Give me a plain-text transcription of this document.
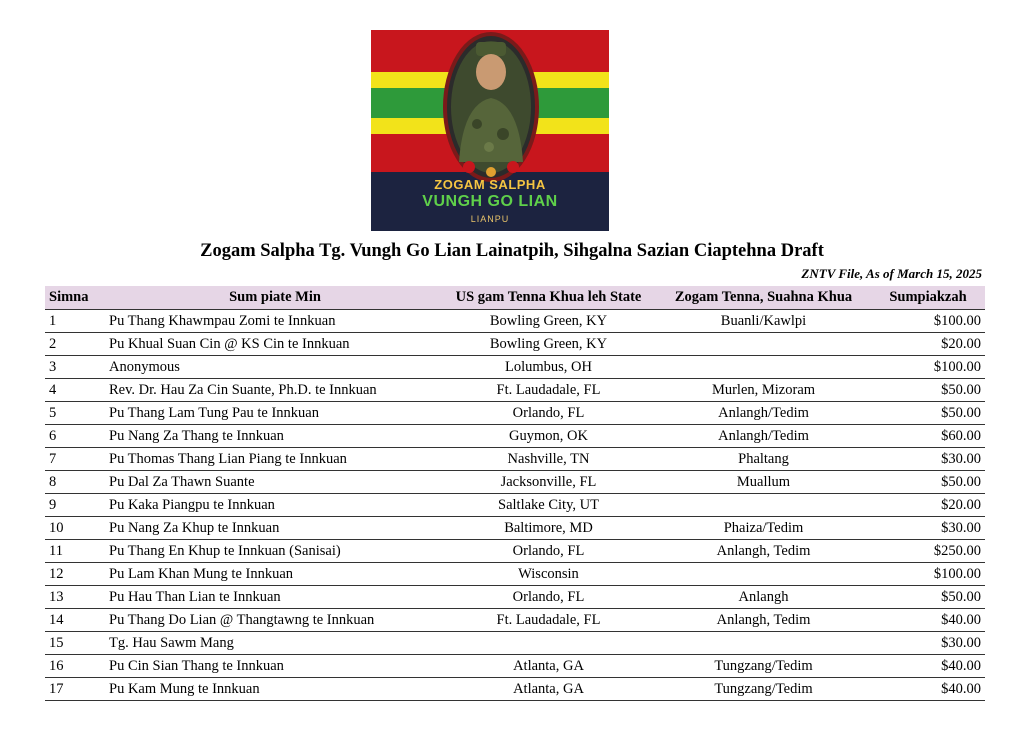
ZOGAM SALPHA
VUNGH GO LIAN
LIANPU
Zogam Salpha Tg. Vungh Go Lian Lainatpih, Sihgalna Sazian Ciaptehna Draft
ZNTV File, As of March 15, 2025
Simna	Sum piate Min	US gam Tenna Khua leh State	Zogam Tenna, Suahna Khua	Sumpiakzah
1	Pu Thang Khawmpau Zomi te Innkuan	Bowling Green, KY	Buanli/Kawlpi	$100.00
2	Pu Khual Suan Cin @ KS Cin te Innkuan	Bowling Green, KY		$20.00
3	Anonymous	Lolumbus, OH		$100.00
4	Rev. Dr. Hau Za Cin Suante, Ph.D. te Innkuan	Ft. Laudadale, FL	Murlen, Mizoram	$50.00
5	Pu Thang Lam Tung Pau te Innkuan	Orlando, FL	Anlangh/Tedim	$50.00
6	Pu Nang Za Thang te Innkuan	Guymon, OK	Anlangh/Tedim	$60.00
7	Pu Thomas Thang Lian Piang te Innkuan	Nashville, TN	Phaltang	$30.00
8	Pu Dal Za Thawn Suante	Jacksonville, FL	Muallum	$50.00
9	Pu Kaka Piangpu te Innkuan	Saltlake City, UT		$20.00
10	Pu Nang Za Khup te Innkuan	Baltimore, MD	Phaiza/Tedim	$30.00
11	Pu Thang En Khup te Innkuan (Sanisai)	Orlando, FL	Anlangh, Tedim	$250.00
12	Pu Lam Khan Mung te Innkuan	Wisconsin		$100.00
13	Pu Hau Than Lian te Innkuan	Orlando, FL	Anlangh	$50.00
14	Pu Thang Do Lian @ Thangtawng te Innkuan	Ft. Laudadale, FL	Anlangh, Tedim	$40.00
15	Tg. Hau Sawm Mang			$30.00
16	Pu Cin Sian Thang te Innkuan	Atlanta, GA	Tungzang/Tedim	$40.00
17	Pu Kam Mung te Innkuan	Atlanta, GA	Tungzang/Tedim	$40.00
